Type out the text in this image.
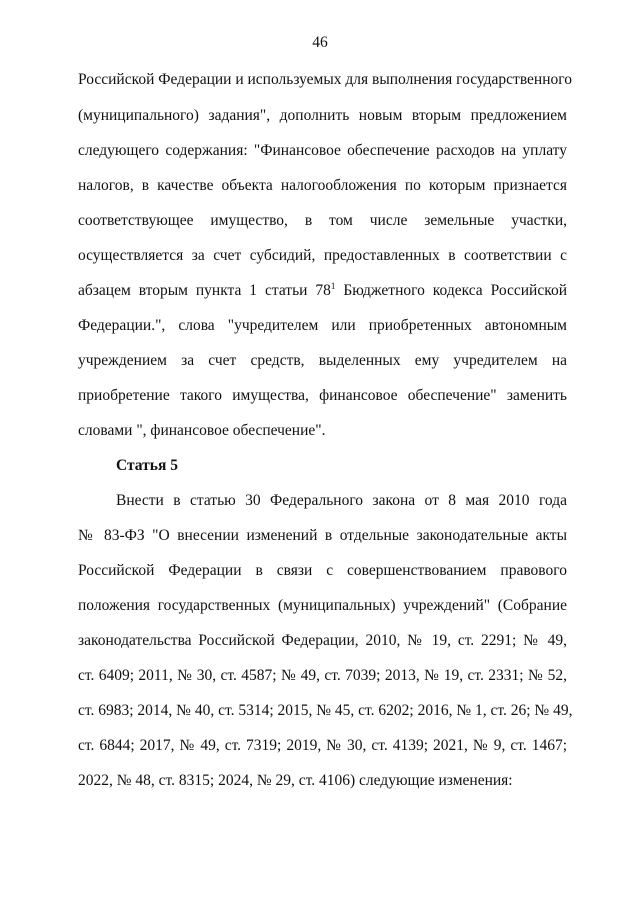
46
Российской Федерации и используемых для выполнения государственного
(муниципального) задания", дополнить новым вторым предложением
следующего содержания: "Финансовое обеспечение расходов на уплату
налогов, в качестве объекта налогообложения по которым признается
соответствующее имущество, в том числе земельные участки,
осуществляется за счет субсидий, предоставленных в соответствии с
абзацем вторым пункта 1 статьи $78^1$ Бюджетного кодекса Российской
Федерации.", слова "учредителем или приобретенных автономным
учреждением за счет средств, выделенных ему учредителем на
приобретение такого имущества, финансовое обеспечение" заменить
словами ", финансовое обеспечение".
Статья 5
Внести в статью 30 Федерального закона от 8 мая 2010 года
№ 83-ФЗ "О внесении изменений в отдельные законодательные акты
Российской Федерации в связи с совершенствованием правового
положения государственных (муниципальных) учреждений" (Собрание
законодательства Российской Федерации, 2010, № 19, ст. 2291; № 49,
ст. 6409; 2011, № 30, ст. 4587; № 49, ст. 7039; 2013, № 19, ст. 2331; № 52,
ст. 6983; 2014, № 40, ст. 5314; 2015, № 45, ст. 6202; 2016, № 1, ст. 26; № 49,
ст. 6844; 2017, № 49, ст. 7319; 2019, № 30, ст. 4139; 2021, № 9, ст. 1467;
2022, № 48, ст. 8315; 2024, № 29, ст. 4106) следующие изменения:
